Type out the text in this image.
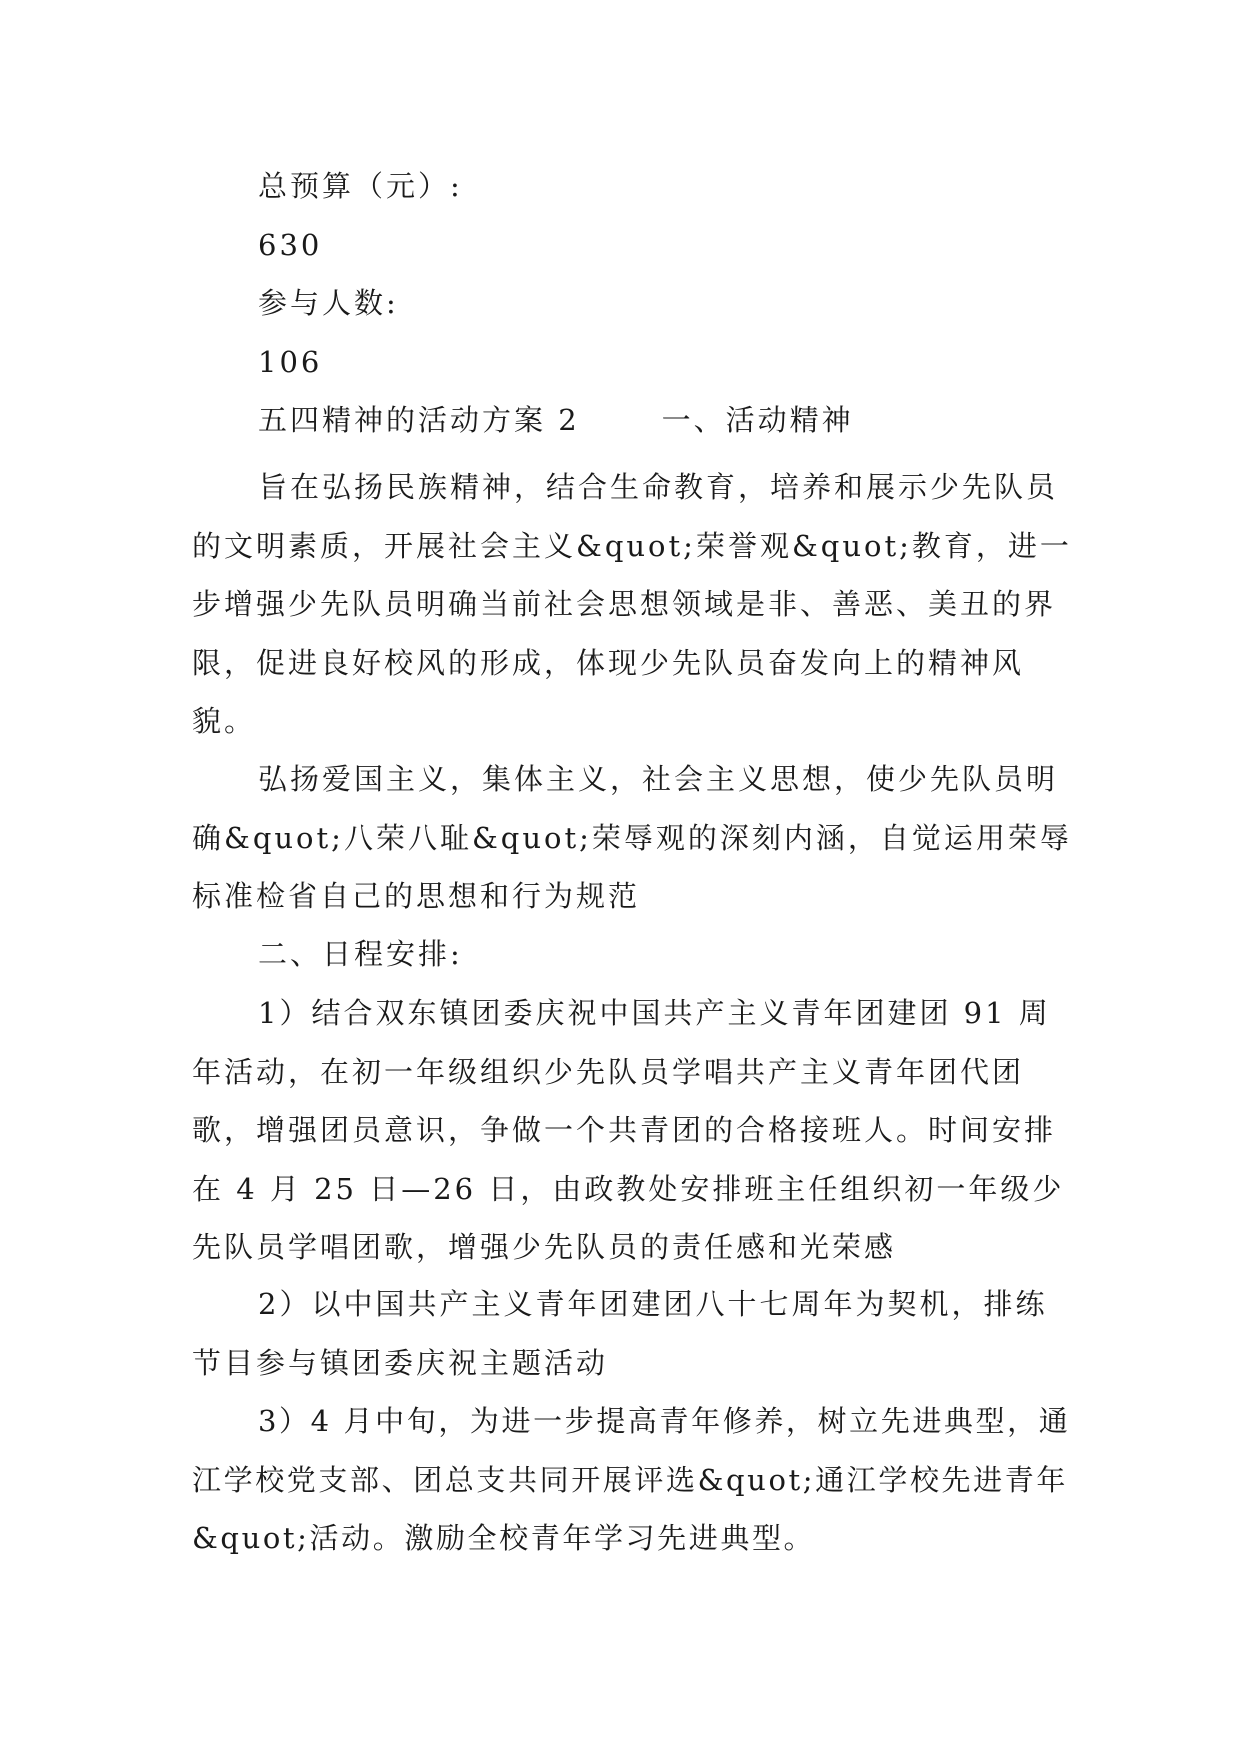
总预算（元）:
630
参与人数:
106
五四精神的活动方案 2	一、活动精神

旨在弘扬民族精神，结合生命教育，培养和展示少先队员的文明素质，开展社会主义&quot;荣誉观&quot;教育，进一步增强少先队员明确当前社会思想领域是非、善恶、美丑的界限，促进良好校风的形成，体现少先队员奋发向上的精神风貌。

弘扬爱国主义，集体主义，社会主义思想，使少先队员明确&quot;八荣八耻&quot;荣辱观的深刻内涵，自觉运用荣辱标准检省自己的思想和行为规范

二、日程安排:

1）结合双东镇团委庆祝中国共产主义青年团建团 91 周年活动，在初一年级组织少先队员学唱共产主义青年团代团歌，增强团员意识，争做一个共青团的合格接班人。时间安排在 4 月 25 日—26 日，由政教处安排班主任组织初一年级少先队员学唱团歌，增强少先队员的责任感和光荣感

2）以中国共产主义青年团建团八十七周年为契机，排练节目参与镇团委庆祝主题活动

3）4 月中旬，为进一步提高青年修养，树立先进典型，通江学校党支部、团总支共同开展评选&quot;通江学校先进青年&quot;活动。激励全校青年学习先进典型。
